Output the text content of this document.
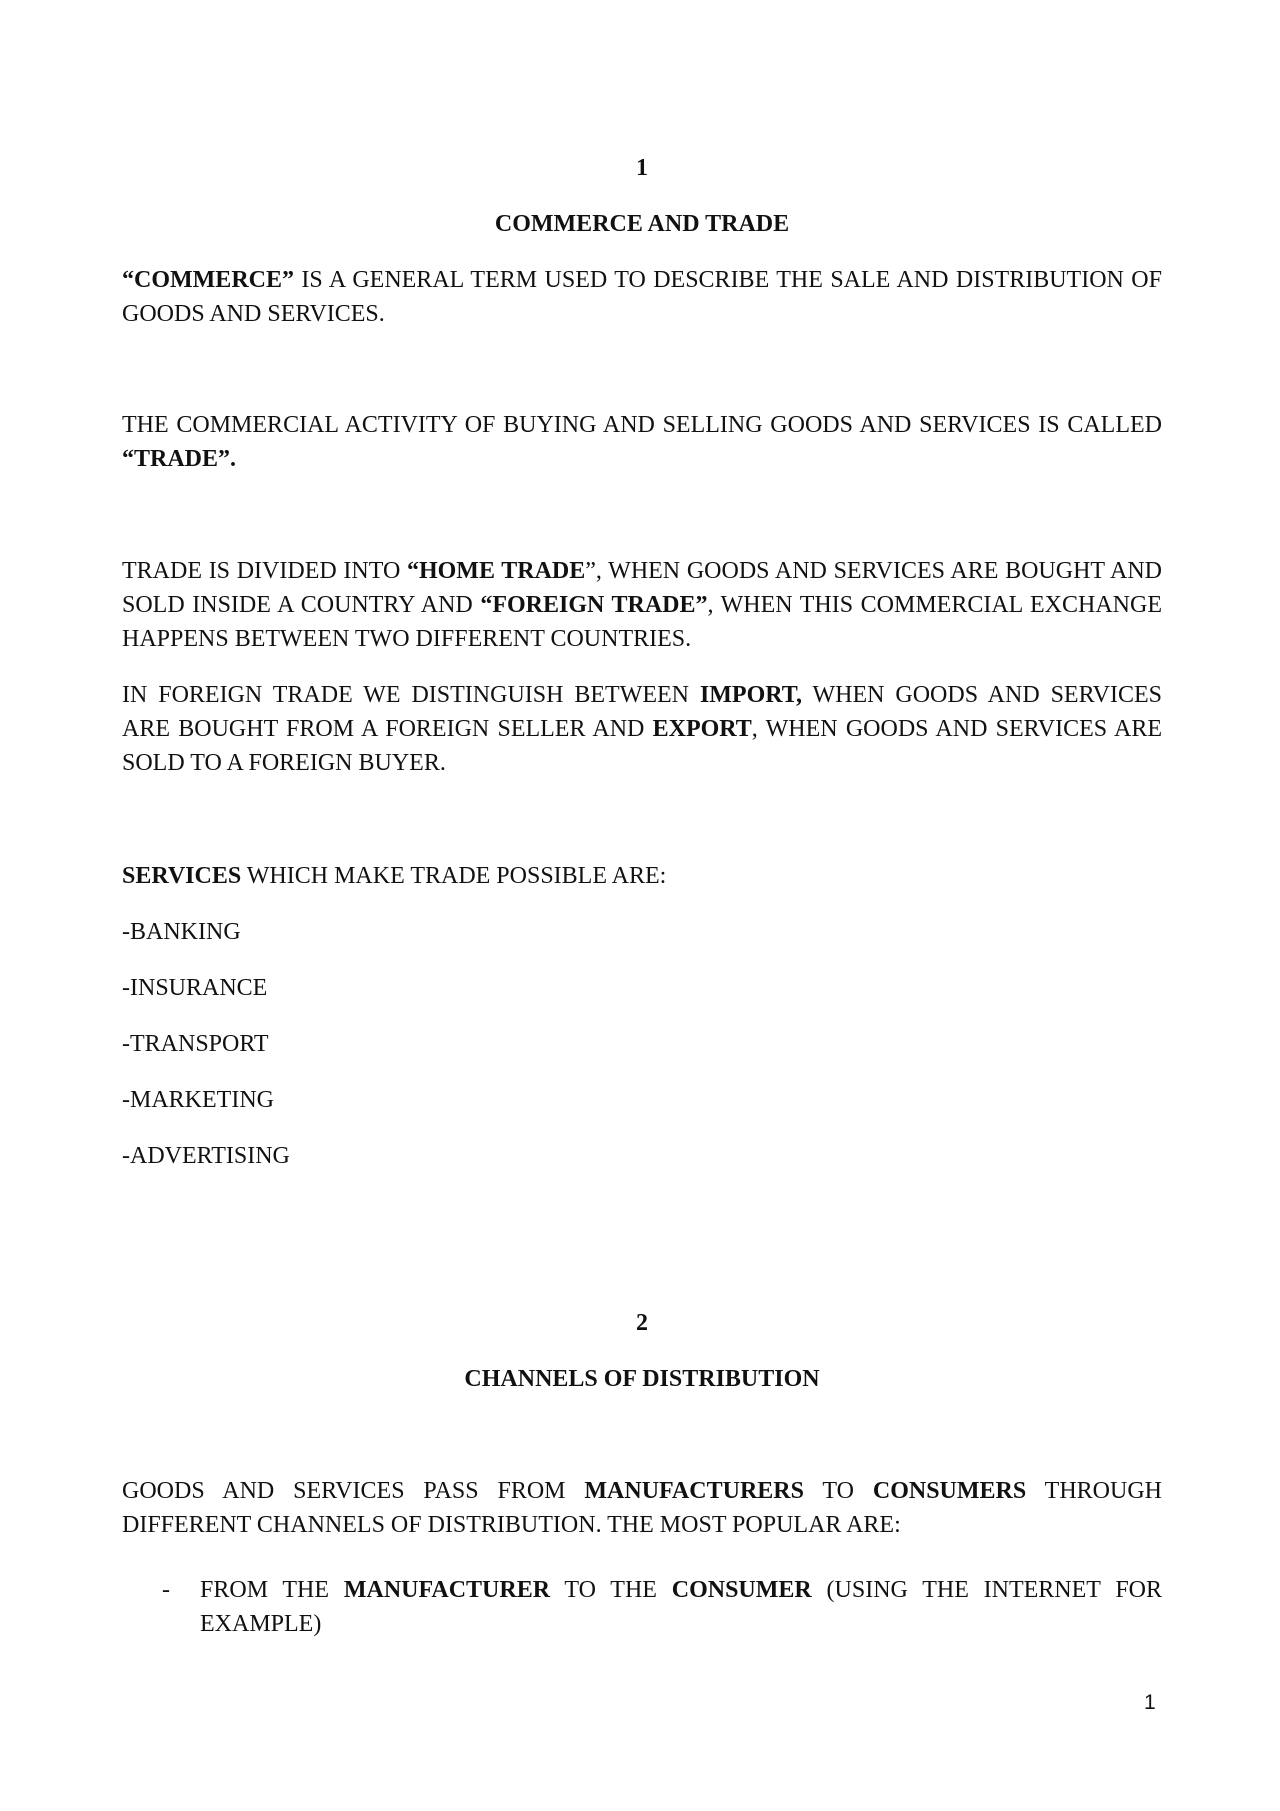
1

COMMERCE AND TRADE

“COMMERCE” IS A GENERAL TERM USED TO DESCRIBE THE SALE AND DISTRIBUTION OF GOODS AND SERVICES.

THE COMMERCIAL ACTIVITY OF BUYING AND SELLING GOODS AND SERVICES IS CALLED “TRADE”.

TRADE IS DIVIDED INTO “HOME TRADE”, WHEN GOODS AND SERVICES ARE BOUGHT AND SOLD INSIDE A COUNTRY AND “FOREIGN TRADE”, WHEN THIS COMMERCIAL EXCHANGE HAPPENS BETWEEN TWO DIFFERENT COUNTRIES.

IN FOREIGN TRADE WE DISTINGUISH BETWEEN IMPORT, WHEN GOODS AND SERVICES ARE BOUGHT FROM A FOREIGN SELLER AND EXPORT, WHEN GOODS AND SERVICES ARE SOLD TO A FOREIGN BUYER.

SERVICES WHICH MAKE TRADE POSSIBLE ARE:

-BANKING

-INSURANCE

-TRANSPORT

-MARKETING

-ADVERTISING

2

CHANNELS OF DISTRIBUTION

GOODS AND SERVICES PASS FROM MANUFACTURERS TO CONSUMERS THROUGH DIFFERENT CHANNELS OF DISTRIBUTION. THE MOST POPULAR ARE:

- FROM THE MANUFACTURER TO THE CONSUMER (USING THE INTERNET FOR EXAMPLE)

1
